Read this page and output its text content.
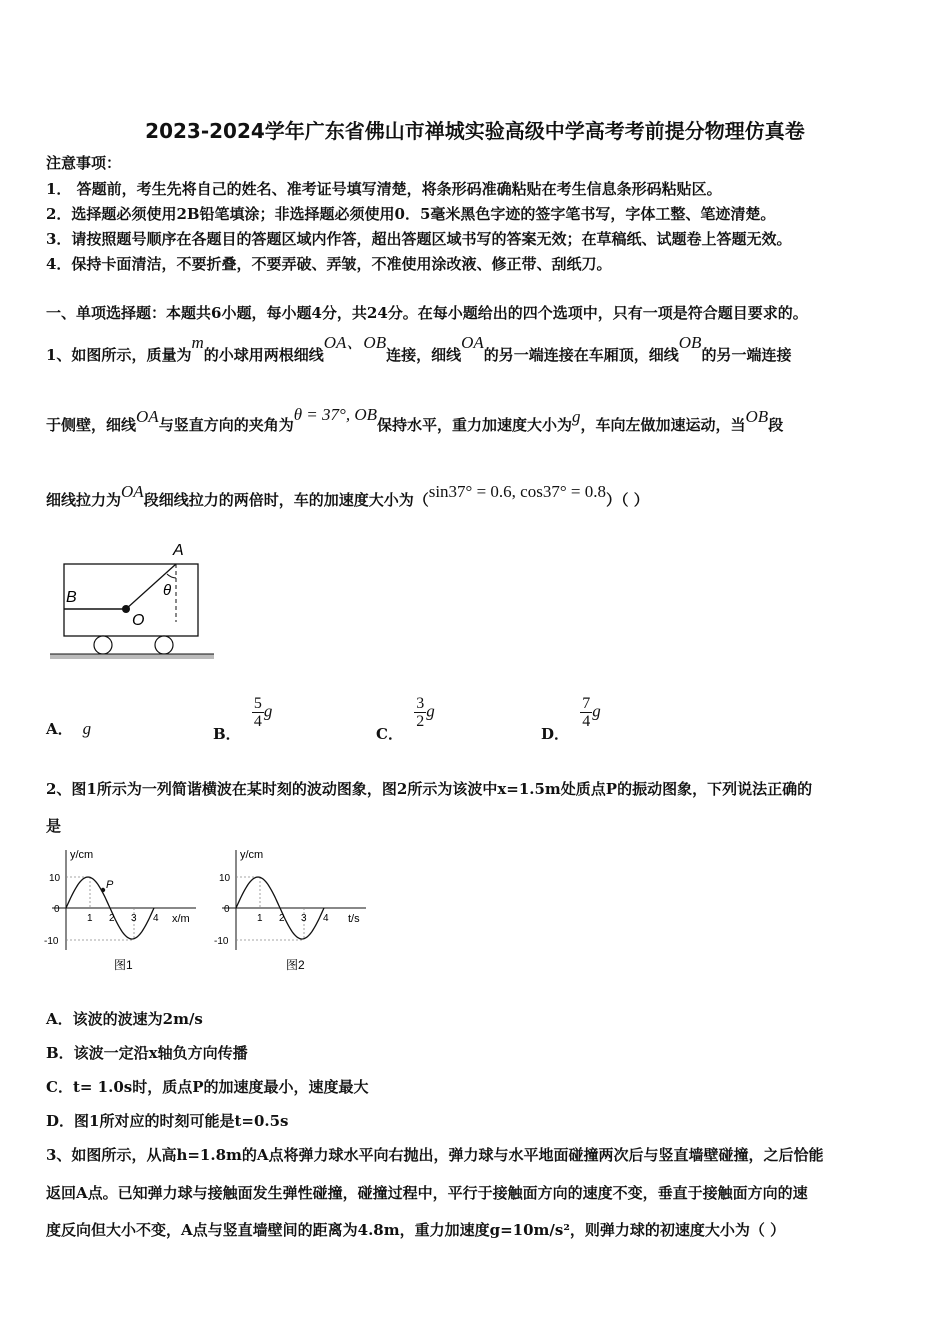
2023-2024学年广东省佛山市禅城实验高级中学高考考前提分物理仿真卷
注意事项：
1． 答题前，考生先将自己的姓名、准考证号填写清楚，将条形码准确粘贴在考生信息条形码粘贴区。
2．选择题必须使用2B铅笔填涂；非选择题必须使用0．5毫米黑色字迹的签字笔书写，字体工整、笔迹清楚。
3．请按照题号顺序在各题目的答题区域内作答，超出答题区域书写的答案无效；在草稿纸、试题卷上答题无效。
4．保持卡面清洁，不要折叠，不要弄破、弄皱，不准使用涂改液、修正带、刮纸刀。
一、单项选择题：本题共6小题，每小题4分，共24分。在每小题给出的四个选项中，只有一项是符合题目要求的。
1、如图所示，质量为m的小球用两根细线OA、OB连接，细线OA的另一端连接在车厢顶，细线OB的另一端连接
于侧壁，细线OA与竖直方向的夹角为θ = 37°, OB保持水平，重力加速度大小为g，车向左做加速运动，当OB段
细线拉力为OA段细线拉力的两倍时，车的加速度大小为（sin37° = 0.6, cos37° = 0.8）（ ）
A
B
O
θ
A． g	B．
$\frac{5}{4}$ g
C．
$\frac{3}{2}$ g
D．
$\frac{7}{4}$ g
2、图1所示为一列简谐横波在某时刻的波动图象，图2所示为该波中x=1.5m处质点P的振动图象，下列说法正确的
是
P
y/cm
x/m
10
0
-10
1 2 3 4
图1
y/cm
t/s
10
0
-10
1 2 3 4
图2
A．该波的波速为2m/s
B．该波一定沿x轴负方向传播
C．t= 1.0s时，质点P的加速度最小，速度最大
D．图1所对应的时刻可能是t=0.5s
3、如图所示，从高h=1.8m的A点将弹力球水平向右抛出，弹力球与水平地面碰撞两次后与竖直墙壁碰撞，之后恰能
返回A点。已知弹力球与接触面发生弹性碰撞，碰撞过程中，平行于接触面方向的速度不变，垂直于接触面方向的速
度反向但大小不变，A点与竖直墙壁间的距离为4.8m，重力加速度g=10m/s²，则弹力球的初速度大小为（ ）
